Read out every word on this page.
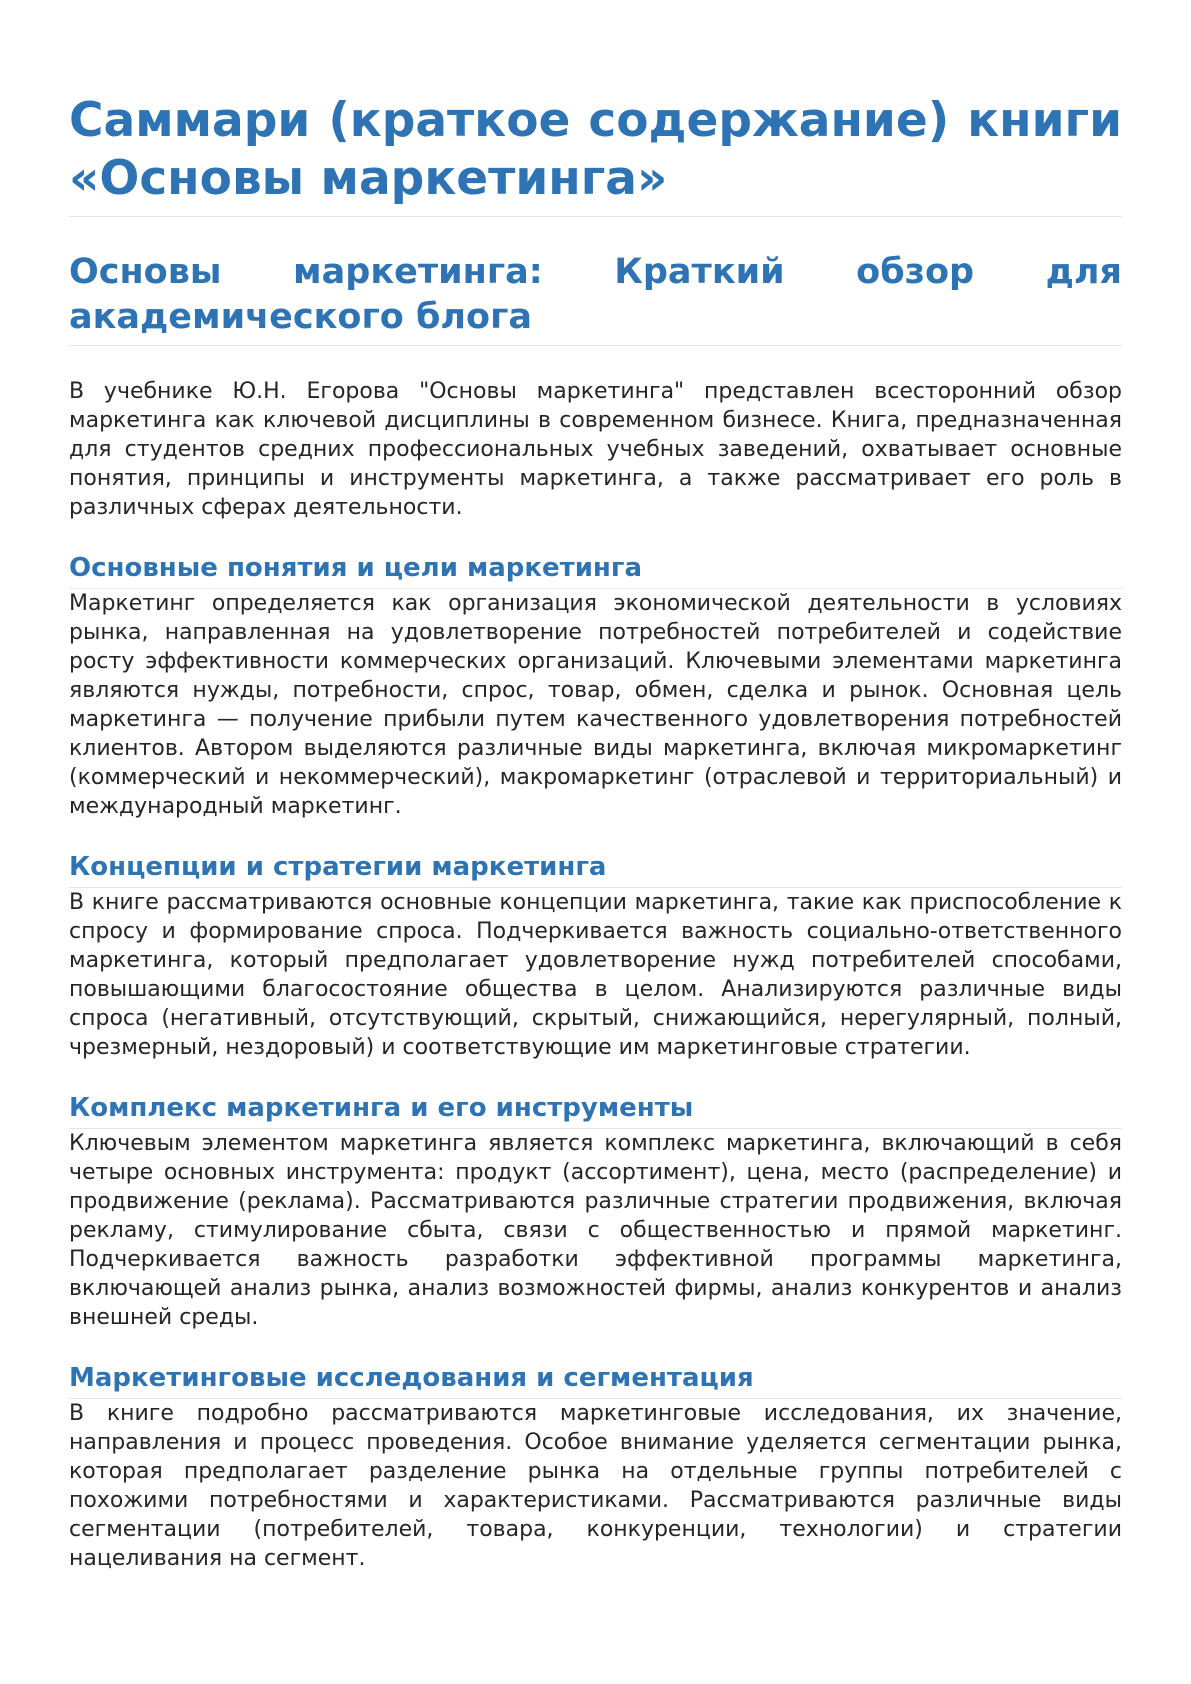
Саммари (краткое содержание) книги «Основы маркетинга»
Основы маркетинга: Краткий обзор для академического блога

В учебнике Ю.Н. Егорова "Основы маркетинга" представлен всесторонний обзор маркетинга как ключевой дисциплины в современном бизнесе. Книга, предназначенная для студентов средних профессиональных учебных заведений, охватывает основные понятия, принципы и инструменты маркетинга, а также рассматривает его роль в различных сферах деятельности.

Основные понятия и цели маркетинга

Маркетинг определяется как организация экономической деятельности в условиях рынка, направленная на удовлетворение потребностей потребителей и содействие росту эффективности коммерческих организаций. Ключевыми элементами маркетинга являются нужды, потребности, спрос, товар, обмен, сделка и рынок. Основная цель маркетинга — получение прибыли путем качественного удовлетворения потребностей клиентов. Автором выделяются различные виды маркетинга, включая микромаркетинг (коммерческий и некоммерческий), макромаркетинг (отраслевой и территориальный) и международный маркетинг.

Концепции и стратегии маркетинга

В книге рассматриваются основные концепции маркетинга, такие как приспособление к спросу и формирование спроса. Подчеркивается важность социально-ответственного маркетинга, который предполагает удовлетворение нужд потребителей способами, повышающими благосостояние общества в целом. Анализируются различные виды спроса (негативный, отсутствующий, скрытый, снижающийся, нерегулярный, полный, чрезмерный, нездоровый) и соответствующие им маркетинговые стратегии.

Комплекс маркетинга и его инструменты

Ключевым элементом маркетинга является комплекс маркетинга, включающий в себя четыре основных инструмента: продукт (ассортимент), цена, место (распределение) и продвижение (реклама). Рассматриваются различные стратегии продвижения, включая рекламу, стимулирование сбыта, связи с общественностью и прямой маркетинг. Подчеркивается важность разработки эффективной программы маркетинга, включающей анализ рынка, анализ возможностей фирмы, анализ конкурентов и анализ внешней среды.

Маркетинговые исследования и сегментация

В книге подробно рассматриваются маркетинговые исследования, их значение, направления и процесс проведения. Особое внимание уделяется сегментации рынка, которая предполагает разделение рынка на отдельные группы потребителей с похожими потребностями и характеристиками. Рассматриваются различные виды сегментации (потребителей, товара, конкуренции, технологии) и стратегии нацеливания на сегмент.
